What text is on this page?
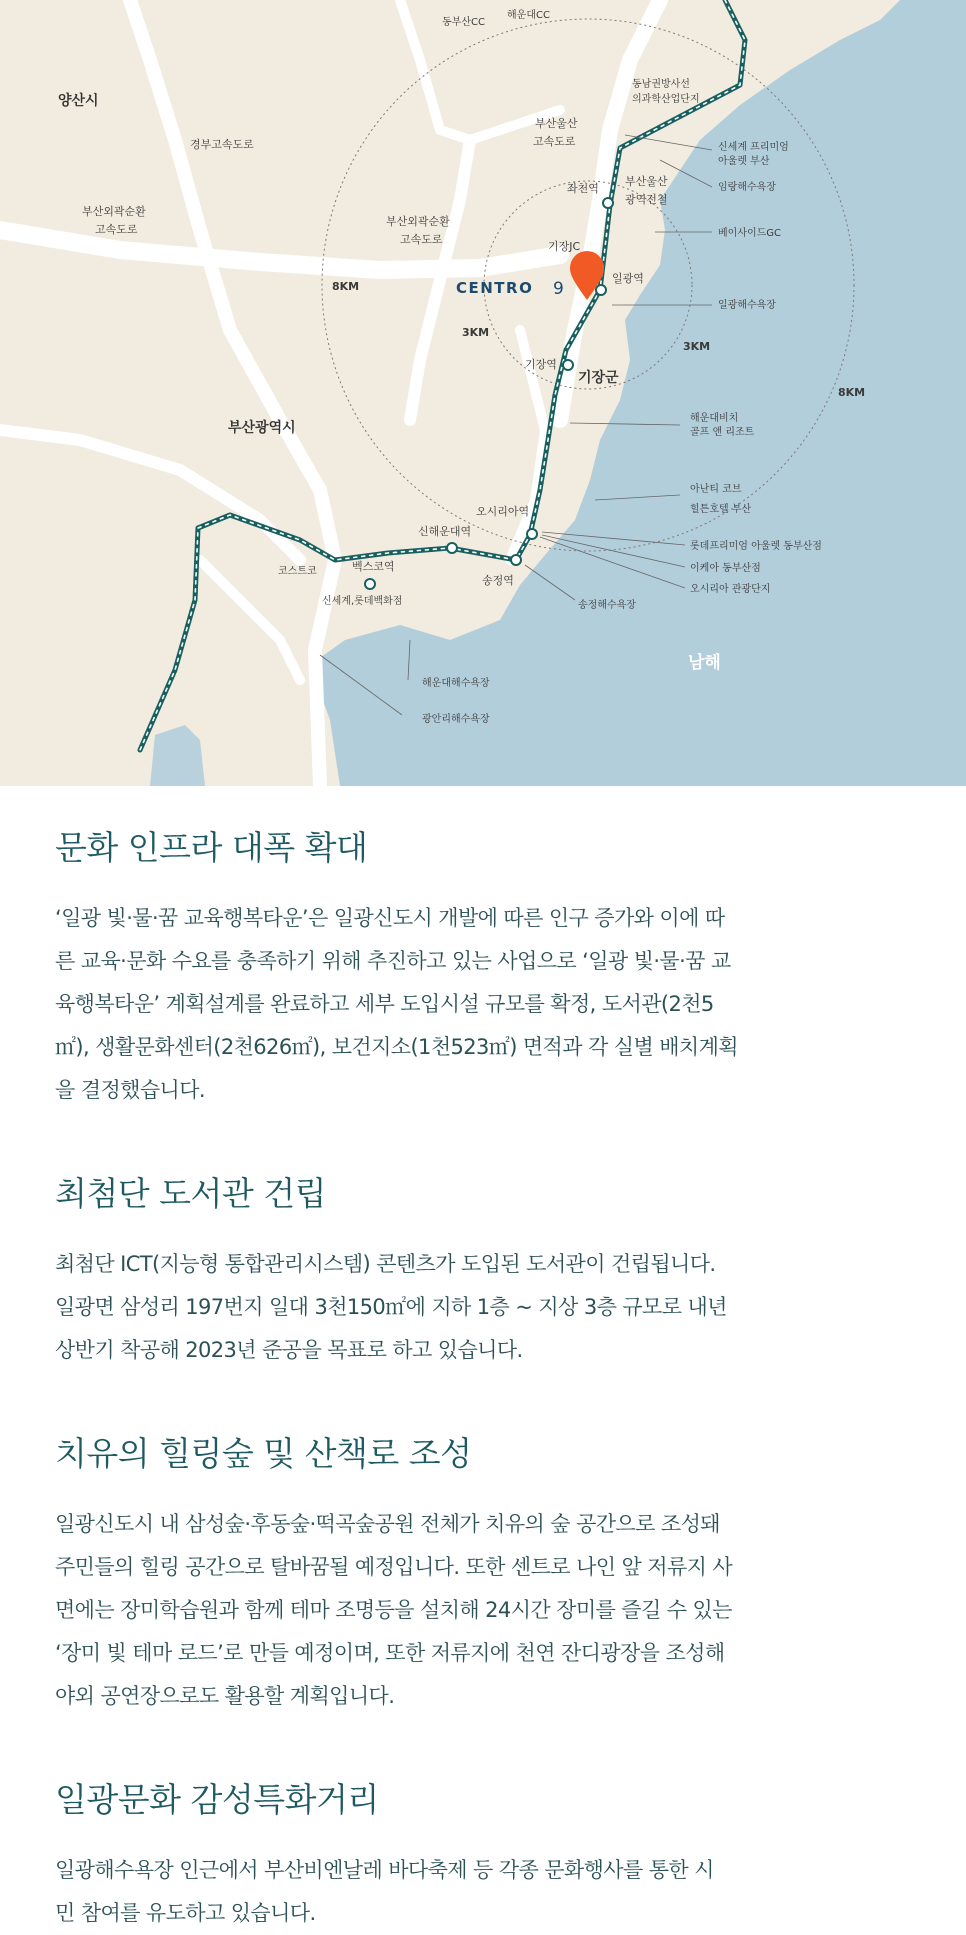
양산시
부산광역시
기장군
남해
경부고속도로
부산외곽순환
고속도로
부산외곽순환
고속도로
부산울산
고속도로
기장JC
동부산CC
해운대CC
동남권방사선
의과학산업단지
코스트코
좌천역
부산울산
광역전철
일광역
기장역
오시리아역
신해운대역
송정역
벡스코역
신세계,롯데백화점
3KM
3KM
8KM
8KM
신세계 프리미엄
아울렛 부산
임랑해수욕장
베이사이드GC
일광해수욕장
해운대비치
골프 앤 리조트
아난티 코브
힐튼호텔 부산
롯데프리미엄 아울렛 동부산점
이케아 동부산점
오시리아 관광단지
송정해수욕장
해운대해수욕장
광안리해수욕장
CENTRO 9
문화 인프라 대폭 확대

‘일광 빛·물·꿈 교육행복타운’은 일광신도시 개발에 따른 인구 증가와 이에 따
른 교육·문화 수요를 충족하기 위해 추진하고 있는 사업으로 ‘일광 빛·물·꿈 교
육행복타운’ 계획설계를 완료하고 세부 도입시설 규모를 확정, 도서관(2천5
㎡), 생활문화센터(2천626㎡), 보건지소(1천523㎡) 면적과 각 실별 배치계획
을 결정했습니다.

최첨단 도서관 건립

최첨단 ICT(지능형 통합관리시스템) 콘텐츠가 도입된 도서관이 건립됩니다.
일광면 삼성리 197번지 일대 3천150㎡에 지하 1층 ~ 지상 3층 규모로 내년
상반기 착공해 2023년 준공을 목표로 하고 있습니다.

치유의 힐링숲 및 산책로 조성

일광신도시 내 삼성숲·후동숲·떡곡숲공원 전체가 치유의 숲 공간으로 조성돼
주민들의 힐링 공간으로 탈바꿈될 예정입니다. 또한 센트로 나인 앞 저류지 사
면에는 장미학습원과 함께 테마 조명등을 설치해 24시간 장미를 즐길 수 있는
‘장미 빛 테마 로드’로 만들 예정이며, 또한 저류지에 천연 잔디광장을 조성해
야외 공연장으로도 활용할 계획입니다.

일광문화 감성특화거리

일광해수욕장 인근에서 부산비엔날레 바다축제 등 각종 문화행사를 통한 시
민 참여를 유도하고 있습니다.
